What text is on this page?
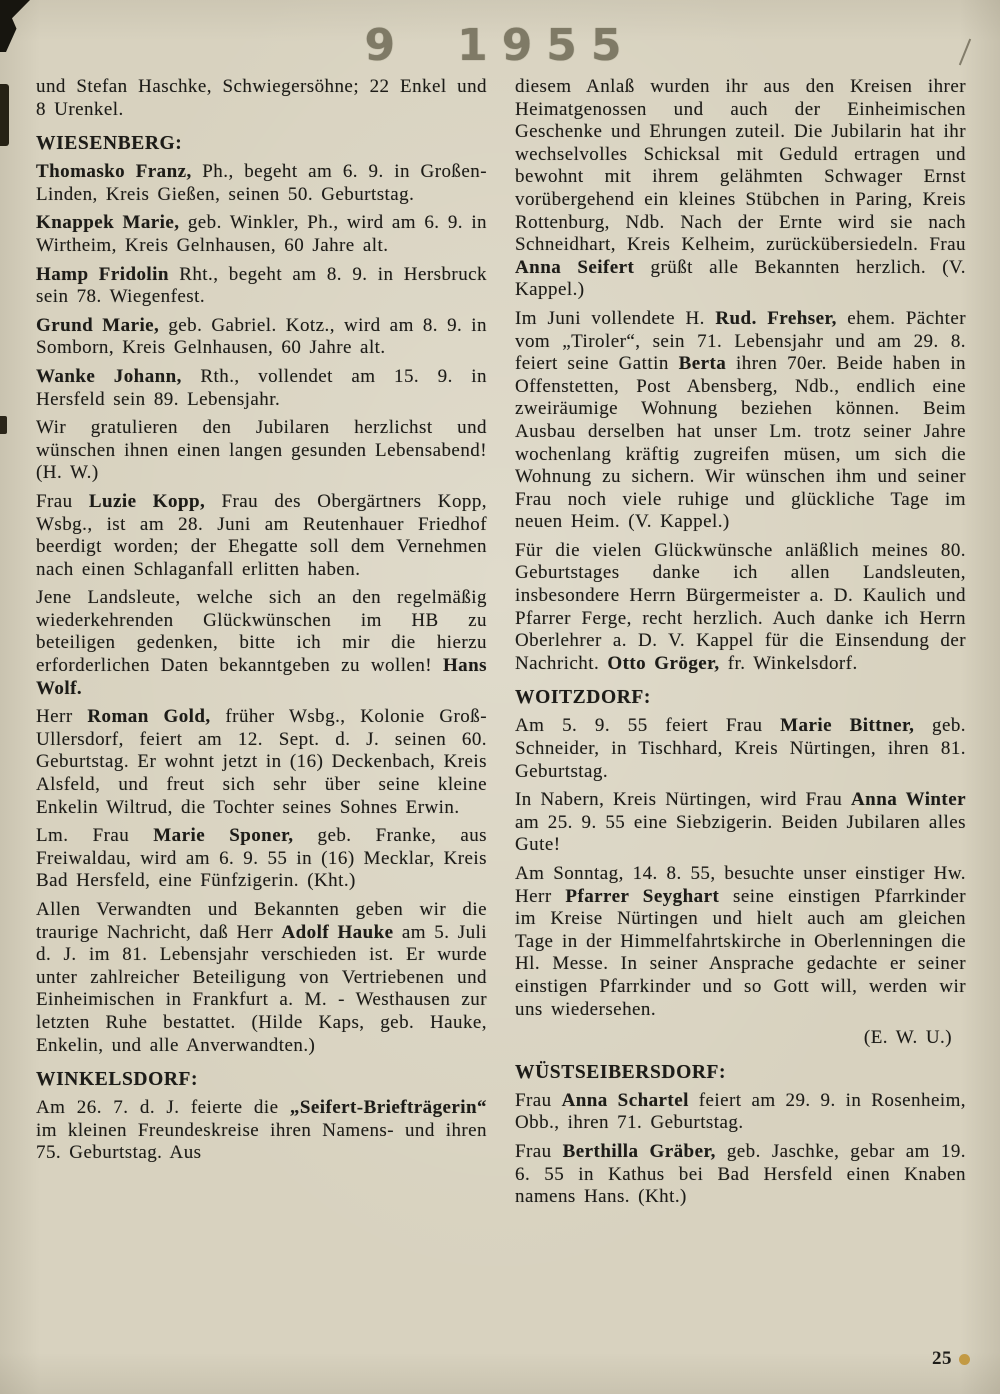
9 1955

und Stefan Haschke, Schwiegersöhne; 22 Enkel und 8 Urenkel.

WIESENBERG:

Thomasko Franz, Ph., begeht am 6. 9. in Großen-Linden, Kreis Gießen, seinen 50. Geburtstag.

Knappek Marie, geb. Winkler, Ph., wird am 6. 9. in Wirtheim, Kreis Gelnhausen, 60 Jahre alt.

Hamp Fridolin Rht., begeht am 8. 9. in Hersbruck sein 78. Wiegenfest.

Grund Marie, geb. Gabriel. Kotz., wird am 8. 9. in Somborn, Kreis Gelnhausen, 60 Jahre alt.

Wanke Johann, Rth., vollendet am 15. 9. in Hersfeld sein 89. Lebensjahr.

Wir gratulieren den Jubilaren herzlichst und wünschen ihnen einen langen gesunden Lebensabend! (H. W.)

Frau Luzie Kopp, Frau des Obergärtners Kopp, Wsbg., ist am 28. Juni am Reutenhauer Friedhof beerdigt worden; der Ehegatte soll dem Vernehmen nach einen Schlaganfall erlitten haben.

Jene Landsleute, welche sich an den regelmäßig wiederkehrenden Glückwünschen im HB zu beteiligen gedenken, bitte ich mir die hierzu erforderlichen Daten bekanntgeben zu wollen! Hans Wolf.

Herr Roman Gold, früher Wsbg., Kolonie Groß-Ullersdorf, feiert am 12. Sept. d. J. seinen 60. Geburtstag. Er wohnt jetzt in (16) Deckenbach, Kreis Alsfeld, und freut sich sehr über seine kleine Enkelin Wiltrud, die Tochter seines Sohnes Erwin.

Lm. Frau Marie Sponer, geb. Franke, aus Freiwaldau, wird am 6. 9. 55 in (16) Mecklar, Kreis Bad Hersfeld, eine Fünfzigerin. (Kht.)

Allen Verwandten und Bekannten geben wir die traurige Nachricht, daß Herr Adolf Hauke am 5. Juli d. J. im 81. Lebensjahr verschieden ist. Er wurde unter zahlreicher Beteiligung von Vertriebenen und Einheimischen in Frankfurt a. M. - Westhausen zur letzten Ruhe bestattet. (Hilde Kaps, geb. Hauke, Enkelin, und alle Anverwandten.)

WINKELSDORF:

Am 26. 7. d. J. feierte die „Seifert-Briefträgerin“ im kleinen Freundeskreise ihren Namens- und ihren 75. Geburtstag. Aus

diesem Anlaß wurden ihr aus den Kreisen ihrer Heimatgenossen und auch der Einheimischen Geschenke und Ehrungen zuteil. Die Jubilarin hat ihr wechselvolles Schicksal mit Geduld ertragen und bewohnt mit ihrem gelähmten Schwager Ernst vorübergehend ein kleines Stübchen in Paring, Kreis Rottenburg, Ndb. Nach der Ernte wird sie nach Schneidhart, Kreis Kelheim, zurückübersiedeln. Frau Anna Seifert grüßt alle Bekannten herzlich. (V. Kappel.)

Im Juni vollendete H. Rud. Frehser, ehem. Pächter vom „Tiroler“, sein 71. Lebensjahr und am 29. 8. feiert seine Gattin Berta ihren 70er. Beide haben in Offenstetten, Post Abensberg, Ndb., endlich eine zweiräumige Wohnung beziehen können. Beim Ausbau derselben hat unser Lm. trotz seiner Jahre wochenlang kräftig zugreifen müsen, um sich die Wohnung zu sichern. Wir wünschen ihm und seiner Frau noch viele ruhige und glückliche Tage im neuen Heim. (V. Kappel.)

Für die vielen Glückwünsche anläßlich meines 80. Geburtstages danke ich allen Landsleuten, insbesondere Herrn Bürgermeister a. D. Kaulich und Pfarrer Ferge, recht herzlich. Auch danke ich Herrn Oberlehrer a. D. V. Kappel für die Einsendung der Nachricht. Otto Gröger, fr. Winkelsdorf.

WOITZDORF:

Am 5. 9. 55 feiert Frau Marie Bittner, geb. Schneider, in Tischhard, Kreis Nürtingen, ihren 81. Geburtstag.

In Nabern, Kreis Nürtingen, wird Frau Anna Winter am 25. 9. 55 eine Siebzigerin. Beiden Jubilaren alles Gute!

Am Sonntag, 14. 8. 55, besuchte unser einstiger Hw. Herr Pfarrer Seyghart seine einstigen Pfarrkinder im Kreise Nürtingen und hielt auch am gleichen Tage in der Himmelfahrtskirche in Oberlenningen die Hl. Messe. In seiner Ansprache gedachte er seiner einstigen Pfarrkinder und so Gott will, werden wir uns wiedersehen.

(E. W. U.)

WÜSTSEIBERSDORF:

Frau Anna Schartel feiert am 29. 9. in Rosenheim, Obb., ihren 71. Geburtstag.

Frau Berthilla Gräber, geb. Jaschke, gebar am 19. 6. 55 in Kathus bei Bad Hersfeld einen Knaben namens Hans. (Kht.)

25
